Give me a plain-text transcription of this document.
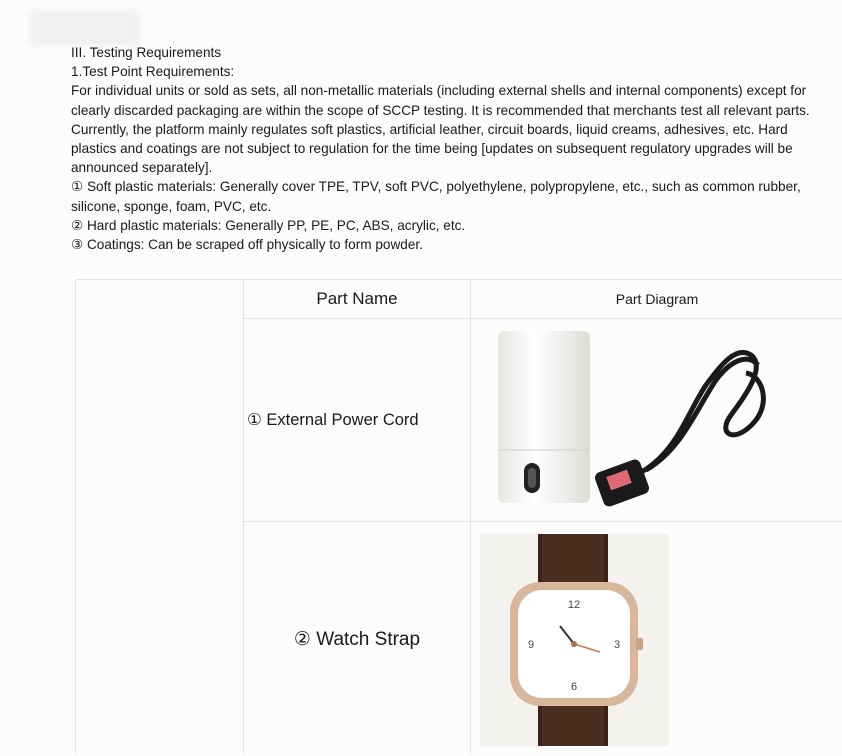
III. Testing Requirements

1.Test Point Requirements:

For individual units or sold as sets, all non-metallic materials (including external shells and internal components) except for clearly discarded packaging are within the scope of SCCP testing. It is recommended that merchants test all relevant parts. Currently, the platform mainly regulates soft plastics, artificial leather, circuit boards, liquid creams, adhesives, etc. Hard plastics and coatings are not subject to regulation for the time being [updates on subsequent regulatory upgrades will be announced separately].

① Soft plastic materials: Generally cover TPE, TPV, soft PVC, polyethylene, polypropylene, etc., such as common rubber, silicone, sponge, foam, PVC, etc.

② Hard plastic materials: Generally PP, PE, PC, ABS, acrylic, etc.

③ Coatings: Can be scraped off physically to form powder.

Part Name	Part Diagram
① External Power Cord
② Watch Strap
12
3
6
9
